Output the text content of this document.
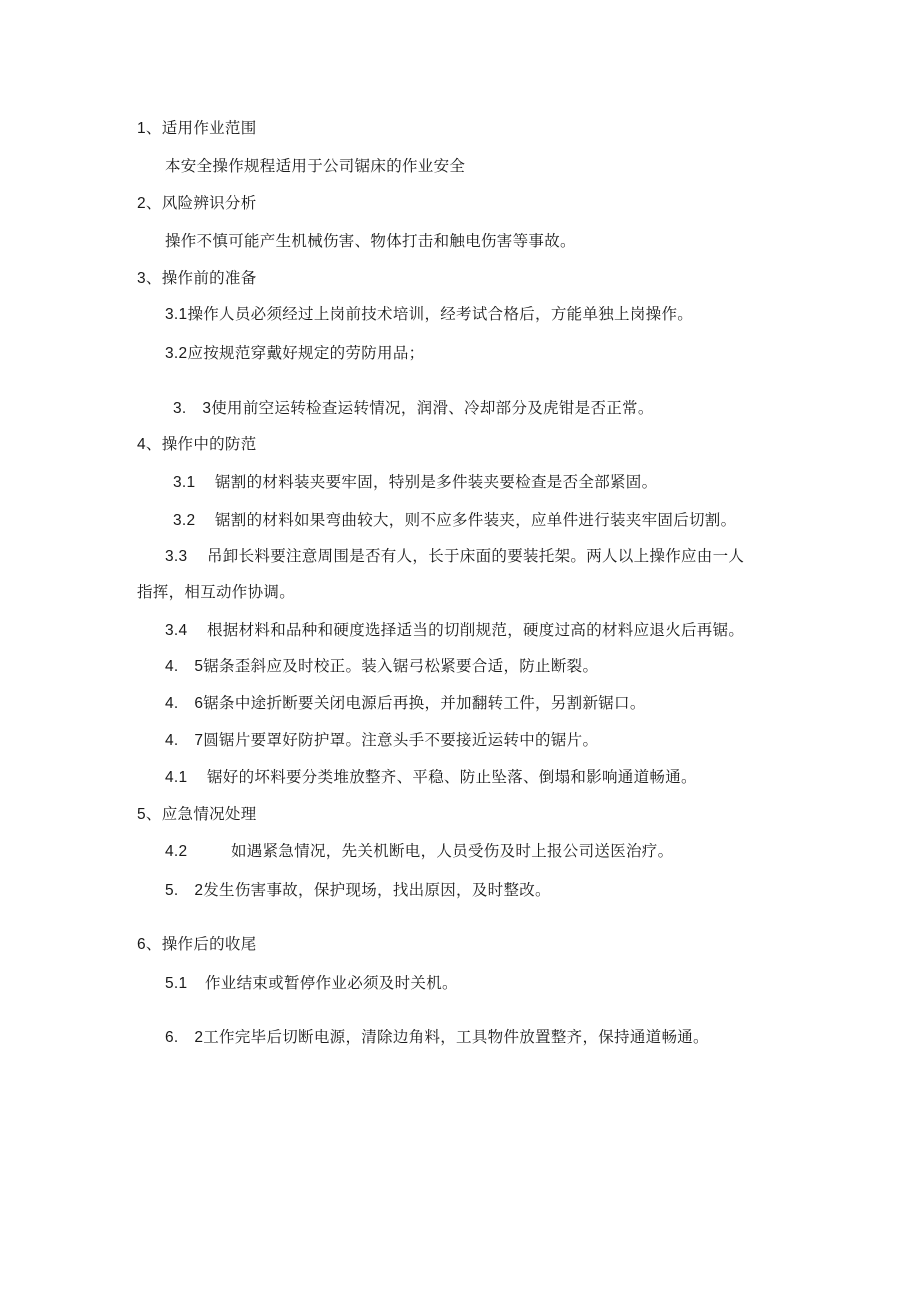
1、适用作业范围
本安全操作规程适用于公司锯床的作业安全
2、风险辨识分析
操作不慎可能产生机械伤害、物体打击和触电伤害等事故。
3、操作前的准备
3.1操作人员必须经过上岗前技术培训，经考试合格后，方能单独上岗操作。
3.2应按规范穿戴好规定的劳防用品；
3.　3使用前空运转检查运转情况，润滑、冷却部分及虎钳是否正常。
4、操作中的防范
3.1 锯割的材料装夹要牢固，特别是多件装夹要检查是否全部紧固。
3.2 锯割的材料如果弯曲较大，则不应多件装夹，应单件进行装夹牢固后切割。
3.3 吊卸长料要注意周围是否有人，长于床面的要装托架。两人以上操作应由一人
指挥，相互动作协调。
3.4 根据材料和品种和硬度选择适当的切削规范，硬度过高的材料应退火后再锯。
4.　5锯条歪斜应及时校正。装入锯弓松紧要合适，防止断裂。
4.　6锯条中途折断要关闭电源后再换，并加翻转工件，另割新锯口。
4.　7圆锯片要罩好防护罩。注意头手不要接近运转中的锯片。
4.1 锯好的坏料要分类堆放整齐、平稳、防止坠落、倒塌和影响通道畅通。
5、应急情况处理
4.2	如遇紧急情况，先关机断电，人员受伤及时上报公司送医治疗。
5.　2发生伤害事故，保护现场，找出原因，及时整改。
6、操作后的收尾
5.1 作业结束或暂停作业必须及时关机。
6.　2工作完毕后切断电源，清除边角料，工具物件放置整齐，保持通道畅通。
